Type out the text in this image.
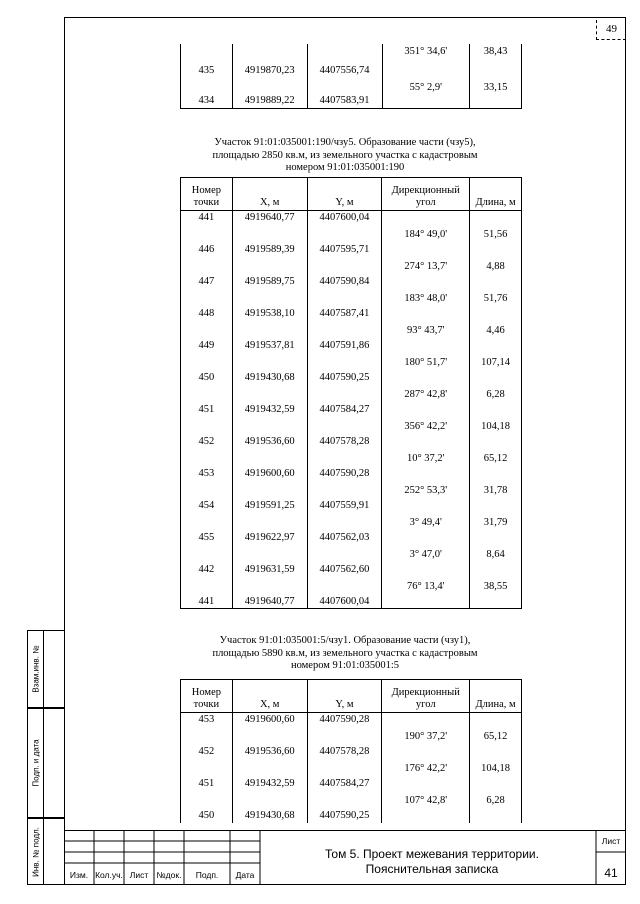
49
Взам.инв. №
Подп. и дата
Инв. № подл.
			351° 34,6'	38,43
435	4919870,23	4407556,74	55° 2,9'	33,15
434	4919889,22	4407583,91		
Участок 91:01:035001:190/чзу5. Образование части (чзу5),
площадью 2850 кв.м, из земельного участка с кадастровым
номером 91:01:035001:190
Номер точки	X, м	Y, м	Дирекционный угол	Длина, м
441	4919640,77	4407600,04	184° 49,0'	51,56

446	4919589,39	4407595,71	274° 13,7'	4,88

447	4919589,75	4407590,84	183° 48,0'	51,76

448	4919538,10	4407587,41	93° 43,7'	4,46

449	4919537,81	4407591,86	180° 51,7'	107,14

450	4919430,68	4407590,25	287° 42,8'	6,28

451	4919432,59	4407584,27	356° 42,2'	104,18

452	4919536,60	4407578,28	10° 37,2'	65,12

453	4919600,60	4407590,28	252° 53,3'	31,78

454	4919591,25	4407559,91	3° 49,4'	31,79

455	4919622,97	4407562,03	3° 47,0'	8,64

442	4919631,59	4407562,60	76° 13,4'	38,55

441	4919640,77	4407600,04	

Участок 91:01:035001:5/чзу1. Образование части (чзу1),
площадью 5890 кв.м, из земельного участка с кадастровым
номером 91:01:035001:5
Номер точки	X, м	Y, м	Дирекционный угол	Длина, м
453	4919600,60	4407590,28	190° 37,2'	65,12

452	4919536,60	4407578,28	176° 42,2'	104,18

451	4919432,59	4407584,27	107° 42,8'	6,28

450	4919430,68	4407590,25	

Изм. Кол.уч. Лист №док.	Подп.	Дата
Том 5. Проект межевания территории.
Пояснительная записка
Лист
41
